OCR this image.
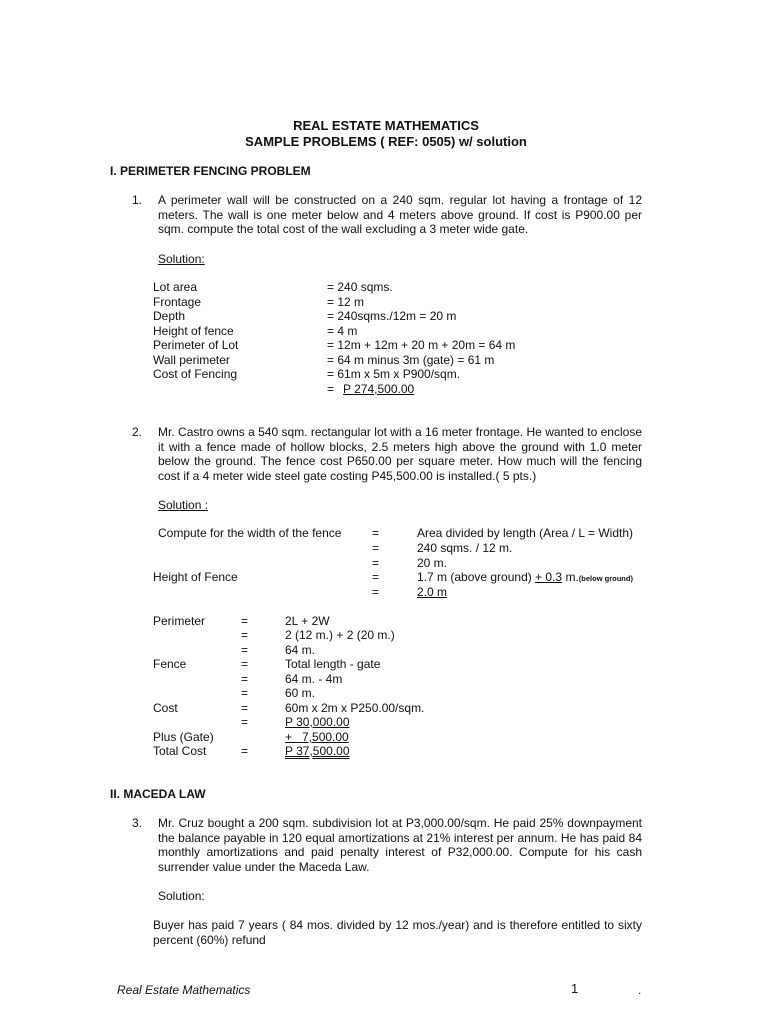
REAL ESTATE MATHEMATICS
SAMPLE PROBLEMS ( REF: 0505) w/ solution
I. PERIMETER FENCING PROBLEM
1. A perimeter wall will be constructed on a 240 sqm. regular lot having a frontage of 12 meters. The wall is one meter below and 4 meters above ground. If cost is P900.00 per sqm. compute the total cost of the wall excluding a 3 meter wide gate.
Solution:
Lot area	= 240 sqms.
Frontage	= 12 m
Depth	= 240sqms./12m = 20 m
Height of fence	= 4 m
Perimeter of Lot	= 12m + 12m + 20 m + 20m = 64 m
Wall perimeter	= 64 m minus 3m (gate) = 61 m
Cost of Fencing	= 61m x 5m x P900/sqm.
= P 274,500.00
2. Mr. Castro owns a 540 sqm. rectangular lot with a 16 meter frontage. He wanted to enclose it with a fence made of hollow blocks, 2.5 meters high above the ground with 1.0 meter below the ground. The fence cost P650.00 per square meter. How much will the fencing cost if a 4 meter wide steel gate costing P45,500.00 is installed.( 5 pts.)
Solution :
Compute for the width of the fence	=	Area divided by length (Area / L = Width)
=	240 sqms. / 12 m.
=	20 m.
Height of Fence	=	1.7 m (above ground) + 0.3 m.(below ground)
=	2.0 m
Perimeter	=	2L + 2W
=	2 (12 m.) + 2 (20 m.)
=	64 m.
Fence	=	Total length - gate
=	64 m. - 4m
=	60 m.
Cost	=	60m x 2m x P250.00/sqm.
=	P 30,000.00
Plus (Gate)	+   7,500.00
Total Cost	=	P 37,500.00
II. MACEDA LAW
3. Mr. Cruz bought a 200 sqm. subdivision lot at P3,000.00/sqm. He paid 25% downpayment the balance payable in 120 equal amortizations at 21% interest per annum. He has paid 84 monthly amortizations and paid penalty interest of P32,000.00. Compute for his cash surrender value under the Maceda Law.
Solution:
Buyer has paid 7 years ( 84 mos. divided by 12 mos./year) and is therefore entitled to sixty percent (60%) refund
Real Estate Mathematics	1	.
